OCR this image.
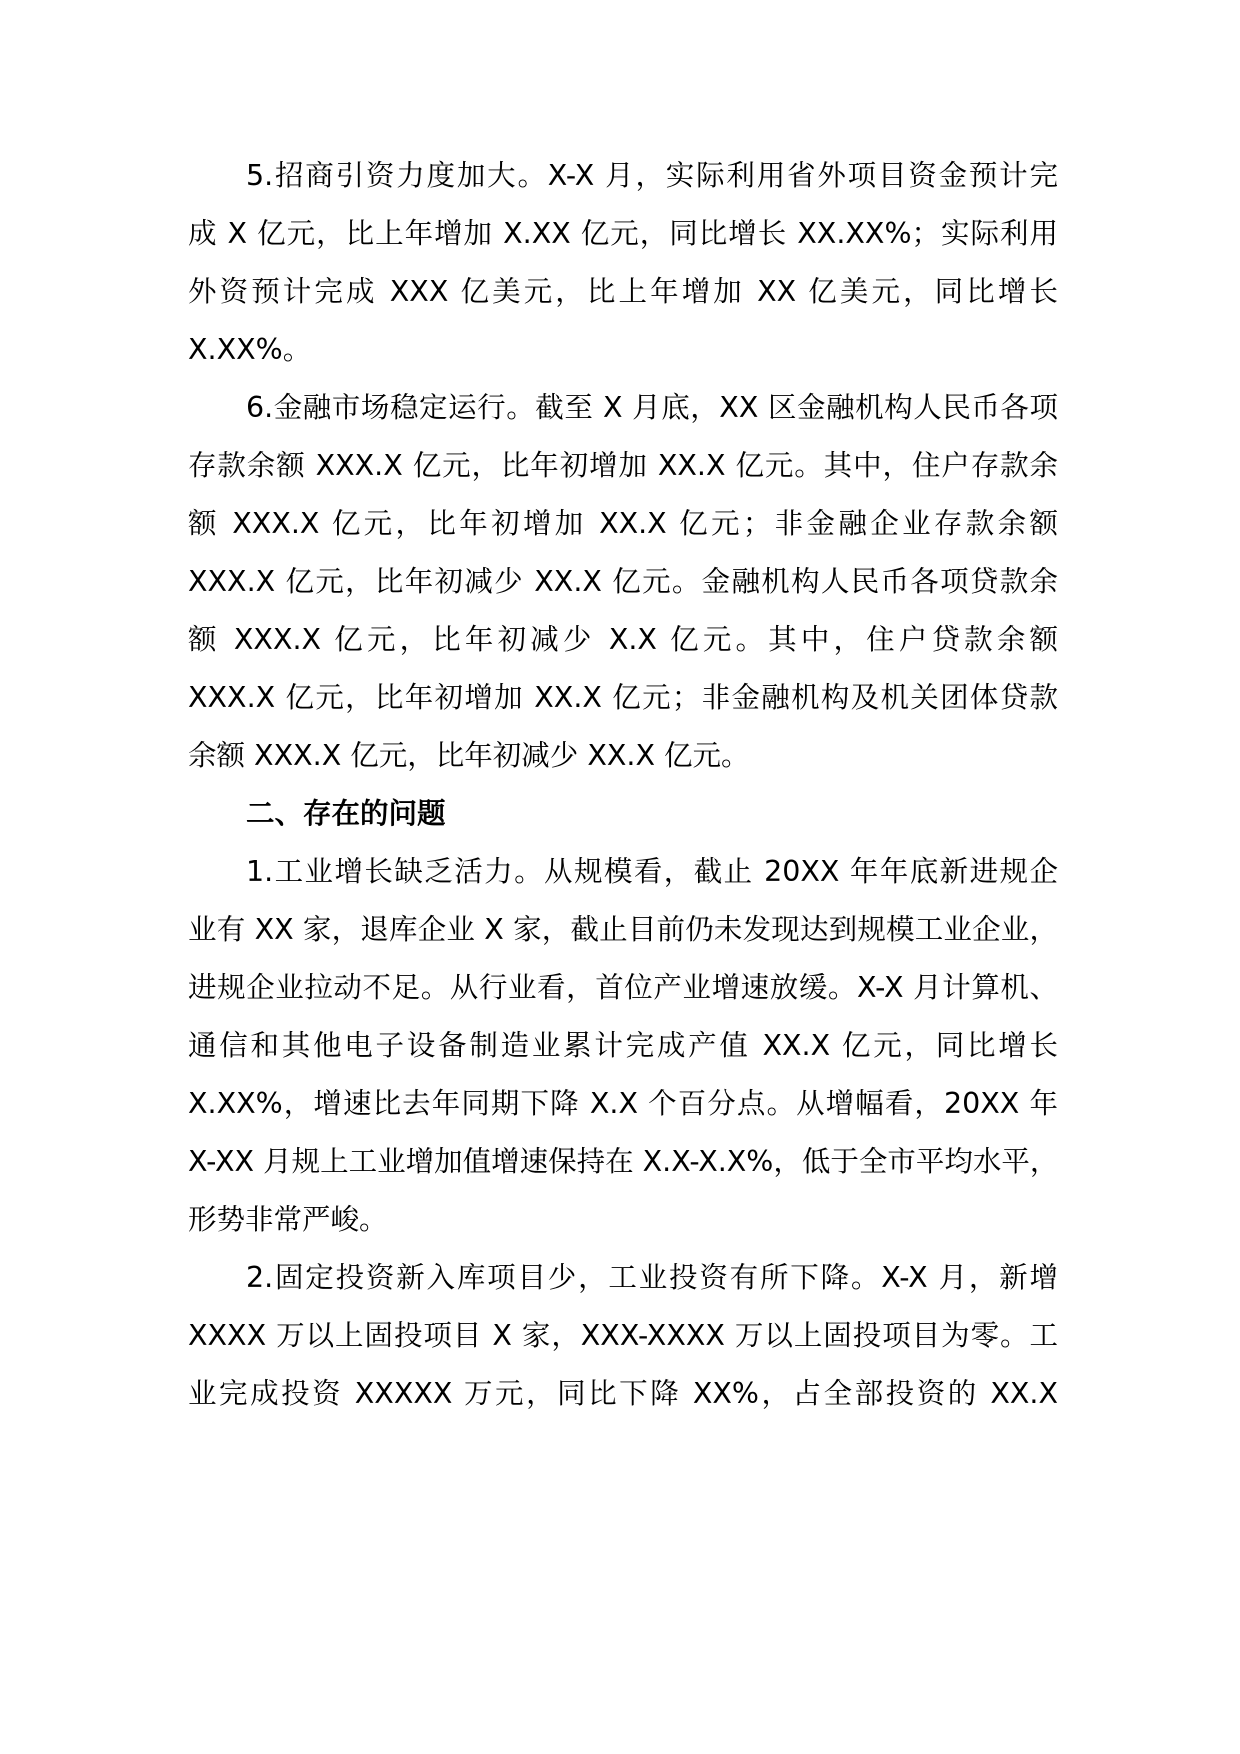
5.招商引资力度加大。X-X 月，实际利用省外项目资金预计完
成 X 亿元，比上年增加 X.XX 亿元，同比增长 XX.XX%；实际利用
外资预计完成 XXX 亿美元，比上年增加 XX 亿美元，同比增长
X.XX%。
6.金融市场稳定运行。截至 X 月底，XX 区金融机构人民币各项
存款余额 XXX.X 亿元，比年初增加 XX.X 亿元。其中，住户存款余
额 XXX.X 亿元，比年初增加 XX.X 亿元；非金融企业存款余额
XXX.X 亿元，比年初减少 XX.X 亿元。金融机构人民币各项贷款余
额 XXX.X 亿元，比年初减少 X.X 亿元。其中，住户贷款余额
XXX.X 亿元，比年初增加 XX.X 亿元；非金融机构及机关团体贷款
余额 XXX.X 亿元，比年初减少 XX.X 亿元。
二、存在的问题
1.工业增长缺乏活力。从规模看，截止 20XX 年年底新进规企
业有 XX 家，退库企业 X 家，截止目前仍未发现达到规模工业企业，
进规企业拉动不足。从行业看，首位产业增速放缓。X-X 月计算机、
通信和其他电子设备制造业累计完成产值 XX.X 亿元，同比增长
X.XX%，增速比去年同期下降 X.X 个百分点。从增幅看，20XX 年
X-XX 月规上工业增加值增速保持在 X.X-X.X%，低于全市平均水平，
形势非常严峻。
2.固定投资新入库项目少，工业投资有所下降。X-X 月，新增
XXXX 万以上固投项目 X 家，XXX-XXXX 万以上固投项目为零。工
业完成投资 XXXXX 万元，同比下降 XX%，占全部投资的 XX.X
